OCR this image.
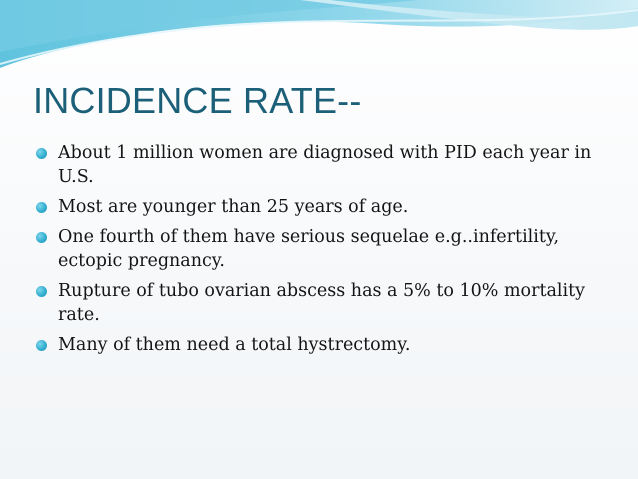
INCIDENCE RATE--
About 1 million women are diagnosed with PID each year in U.S.
Most are younger than 25 years of age.
One fourth of them have serious sequelae e.g..infertility, ectopic pregnancy.
Rupture of tubo ovarian abscess has a 5% to 10% mortality rate.
Many of them need a total hystrectomy.
